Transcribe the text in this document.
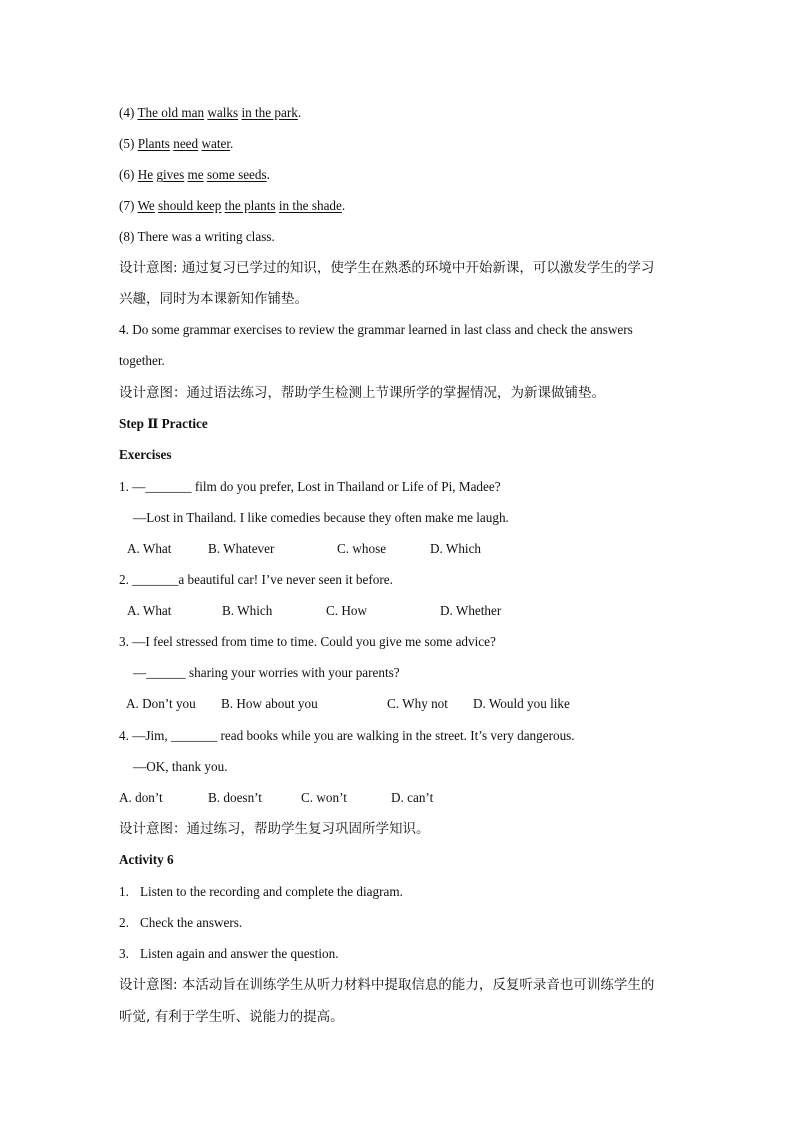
(4) The old man walks in the park.
(5) Plants need water.
(6) He gives me some seeds.
(7) We should keep the plants in the shade.
(8) There was a writing class.
设计意图: 通过复习已学过的知识，使学生在熟悉的环境中开始新课，可以激发学生的学习
兴趣，同时为本课新知作铺垫。
4. Do some grammar exercises to review the grammar learned in last class and check the answers
together.
设计意图：通过语法练习，帮助学生检测上节课所学的掌握情况，为新课做铺垫。
Step Ⅱ Practice
Exercises
1. —_______ film do you prefer, Lost in Thailand or Life of Pi, Madee?
—Lost in Thailand. I like comedies because they often make me laugh.
A. What	B. Whatever	C. whose	D. Which
2. _______a beautiful car! I’ve never seen it before.
A. What	B. Which	C. How	D. Whether
3. —I feel stressed from time to time. Could you give me some advice?
—______ sharing your worries with your parents?
A. Don’t you B. How about you	C. Why not D. Would you like
4. —Jim, _______ read books while you are walking in the street. It’s very dangerous.
—OK, thank you.
A. don’t	B. doesn’t	C. won’t	D. can’t
设计意图：通过练习，帮助学生复习巩固所学知识。
Activity 6
1. Listen to the recording and complete the diagram.
2. Check the answers.
3. Listen again and answer the question.
设计意图: 本活动旨在训练学生从听力材料中提取信息的能力，反复听录音也可训练学生的
听觉, 有利于学生听、说能力的提高。
